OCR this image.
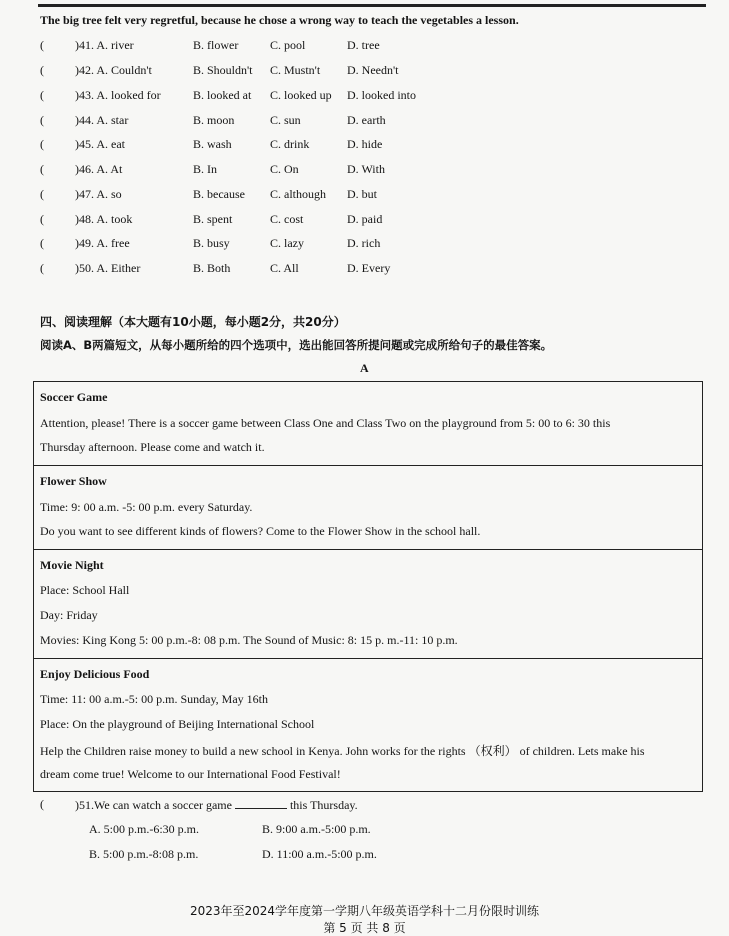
The big tree felt very regretful, because he chose a wrong way to teach the vegetables a lesson.
(	)41. A. river	B. flower	C. pool	D. tree
(	)42. A. Couldn't	B. Shouldn't C. Mustn't D. Needn't
(	)43. A. looked for	B. looked at C. looked up D. looked into
(	)44. A. star	B. moon	C. sun	D. earth
(	)45. A. eat	B. wash	C. drink	D. hide
(	)46. A. At	B. In	C. On	D. With
(	)47. A. so	B. because C. although D. but
(	)48. A. took	B. spent	C. cost	D. paid
(	)49. A. free	B. busy	C. lazy	D. rich
(	)50. A. Either	B. Both	C. All	D. Every
四、阅读理解（本大题有10小题，每小题2分，共20分）
阅读A、B两篇短文，从每小题所给的四个选项中，选出能回答所提问题或完成所给句子的最佳答案。
A
Soccer Game
Attention, please! There is a soccer game between Class One and Class Two on the playground from 5: 00 to 6: 30 this
Thursday afternoon. Please come and watch it.
Flower Show
Time: 9: 00 a.m. -5: 00 p.m. every Saturday.
Do you want to see different kinds of flowers? Come to the Flower Show in the school hall.
Movie Night
Place: School Hall
Day: Friday
Movies: King Kong 5: 00 p.m.-8: 08 p.m. The Sound of Music: 8: 15 p. m.-11: 10 p.m.
Enjoy Delicious Food
Time: 11: 00 a.m.-5: 00 p.m. Sunday, May 16th
Place: On the playground of Beijing International School
Help the Children raise money to build a new school in Kenya. John works for the rights （权利） of children. Lets make his
dream come true! Welcome to our International Food Festival!
(	)51.We can watch a soccer game	this Thursday.
A. 5:00 p.m.-6:30 p.m.	B. 9:00 a.m.-5:00 p.m.
B. 5:00 p.m.-8:08 p.m.	D. 11:00 a.m.-5:00 p.m.
2023年至2024学年度第一学期八年级英语学科十二月份限时训练
第 5 页 共 8 页
